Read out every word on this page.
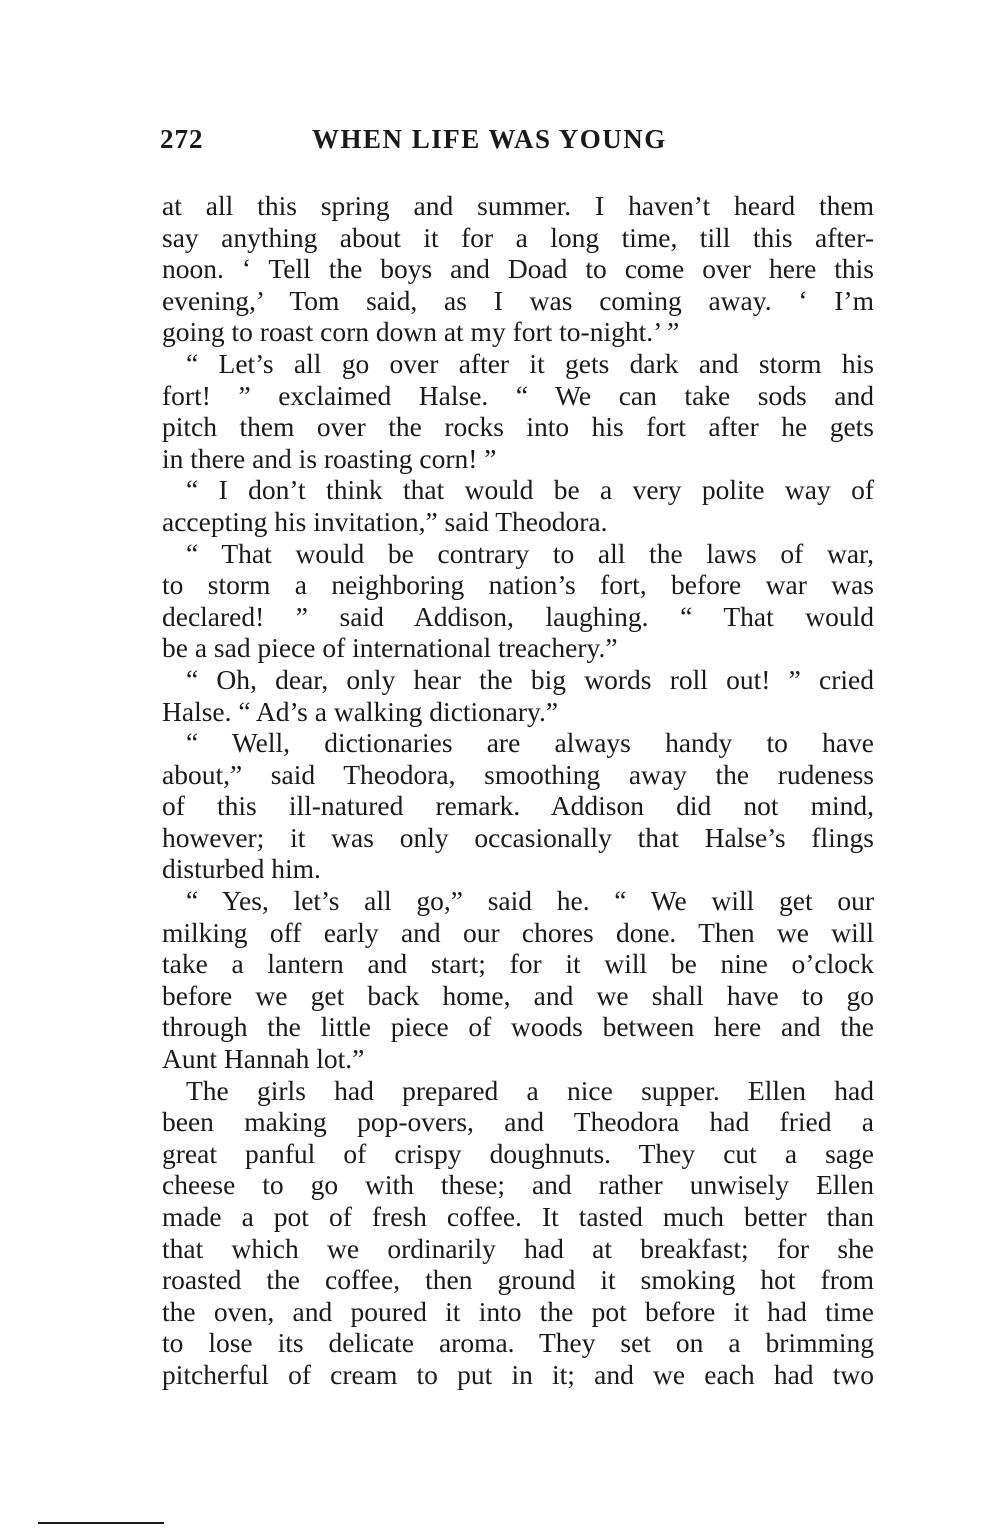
272	WHEN LIFE WAS YOUNG
at all this spring and summer. I haven’t heard them
say anything about it for a long time, till this after-
noon. ‘ Tell the boys and Doad to come over here this
evening,’ Tom said, as I was coming away. ‘ I’m
going to roast corn down at my fort to-night.’ ”
“ Let’s all go over after it gets dark and storm his
fort! ” exclaimed Halse. “ We can take sods and
pitch them over the rocks into his fort after he gets
in there and is roasting corn! ”
“ I don’t think that would be a very polite way of
accepting his invitation,” said Theodora.
“ That would be contrary to all the laws of war,
to storm a neighboring nation’s fort, before war was
declared! ” said Addison, laughing. “ That would
be a sad piece of international treachery.”
“ Oh, dear, only hear the big words roll out! ” cried
Halse. “ Ad’s a walking dictionary.”
“ Well, dictionaries are always handy to have
about,” said Theodora, smoothing away the rudeness
of this ill-natured remark. Addison did not mind,
however; it was only occasionally that Halse’s flings
disturbed him.
“ Yes, let’s all go,” said he. “ We will get our
milking off early and our chores done. Then we will
take a lantern and start; for it will be nine o’clock
before we get back home, and we shall have to go
through the little piece of woods between here and the
Aunt Hannah lot.”
The girls had prepared a nice supper. Ellen had
been making pop-overs, and Theodora had fried a
great panful of crispy doughnuts. They cut a sage
cheese to go with these; and rather unwisely Ellen
made a pot of fresh coffee. It tasted much better than
that which we ordinarily had at breakfast; for she
roasted the coffee, then ground it smoking hot from
the oven, and poured it into the pot before it had time
to lose its delicate aroma. They set on a brimming
pitcherful of cream to put in it; and we each had two
